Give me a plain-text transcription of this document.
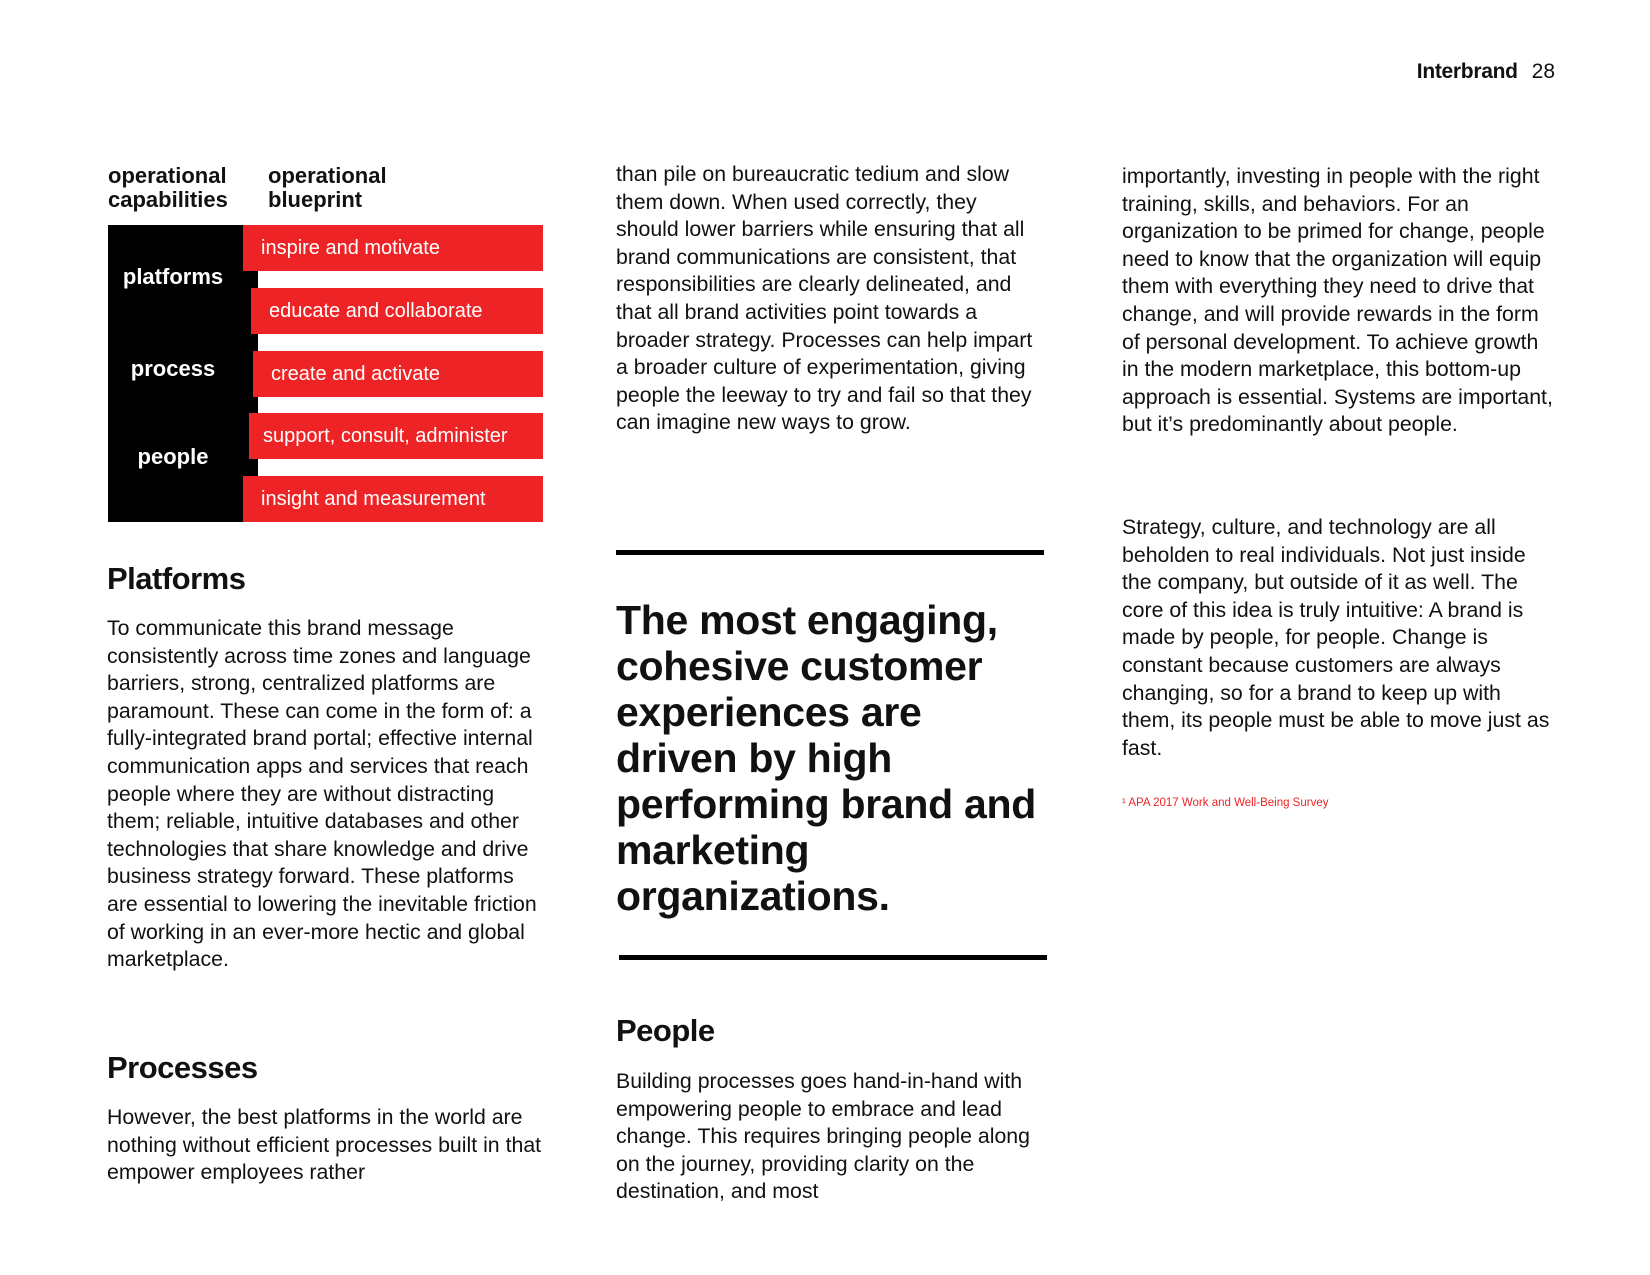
Interbrand 28
operational capabilities
operational blueprint
platforms
process
people
inspire and motivate
educate and collaborate
create and activate
support, consult, administer
insight and measurement
Platforms
To communicate this brand message consistently across time zones and language barriers, strong, centralized platforms are paramount. These can come in the form of: a fully-integrated brand portal; effective internal communication apps and services that reach people where they are without distracting them; reliable, intuitive databases and other technologies that share knowledge and drive business strategy forward. These platforms are essential to lowering the inevitable friction of working in an ever-more hectic and global marketplace.
Processes
However, the best platforms in the world are nothing without efficient processes built in that empower employees rather
than pile on bureaucratic tedium and slow them down. When used correctly, they should lower barriers while ensuring that all brand communications are consistent, that responsibilities are clearly delineated, and that all brand activities point towards a broader strategy. Processes can help impart a broader culture of experimentation, giving people the leeway to try and fail so that they can imagine new ways to grow.
The most engaging, cohesive customer experiences are driven by high performing brand and marketing organizations.
People
Building processes goes hand-in-hand with empowering people to embrace and lead change. This requires bringing people along on the journey, providing clarity on the destination, and most
importantly, investing in people with the right training, skills, and behaviors. For an organization to be primed for change, people need to know that the organization will equip them with everything they need to drive that change, and will provide rewards in the form of personal development. To achieve growth in the modern marketplace, this bottom-up approach is essential. Systems are important, but it’s predominantly about people.
Strategy, culture, and technology are all beholden to real individuals. Not just inside the company, but outside of it as well. The core of this idea is truly intuitive: A brand is made by people, for people. Change is constant because customers are always changing, so for a brand to keep up with them, its people must be able to move just as fast.
¹ APA 2017 Work and Well-Being Survey
